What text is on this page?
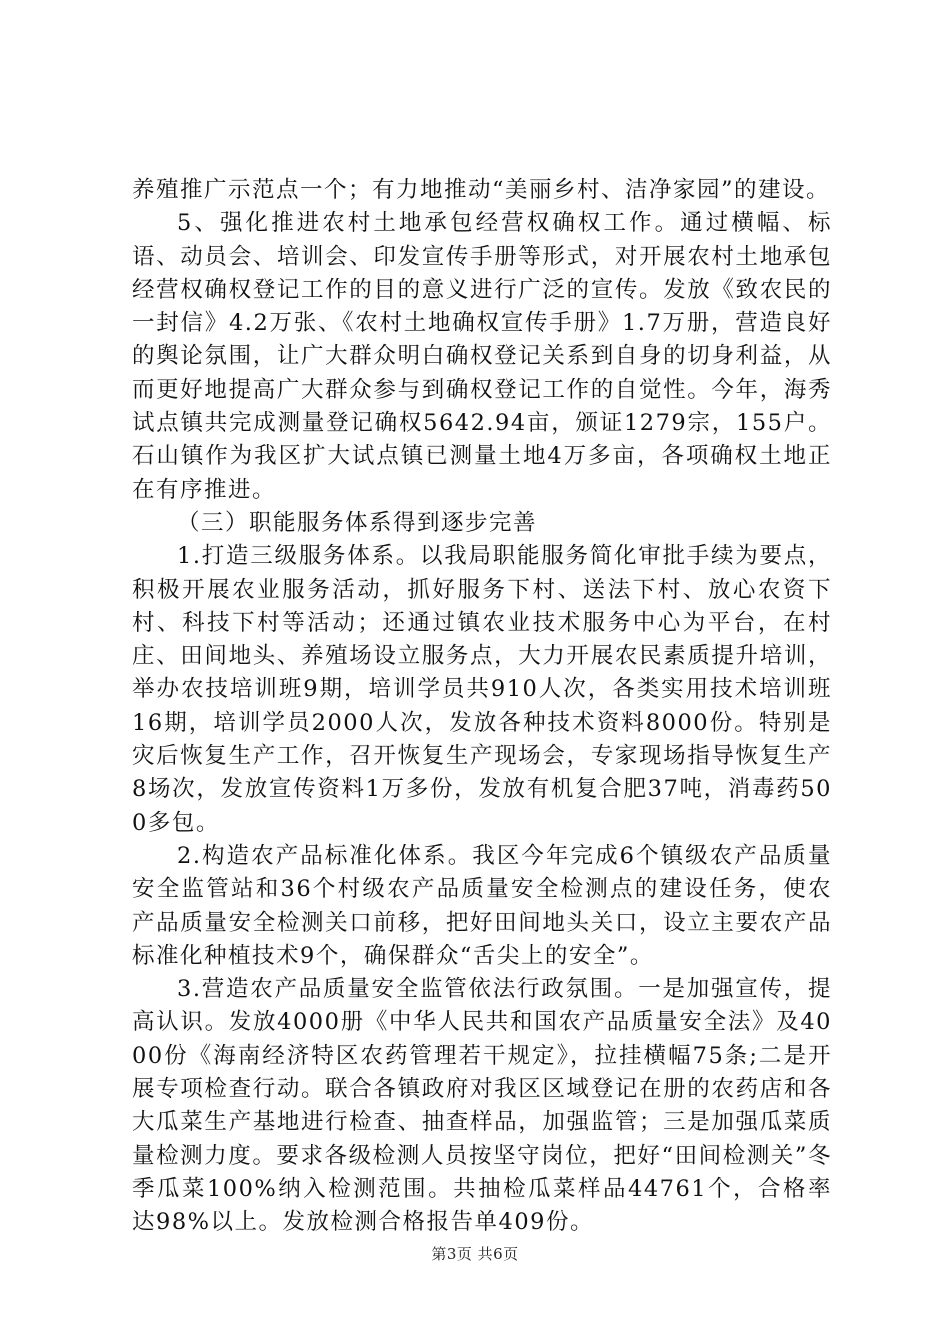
养殖推广示范点一个；有力地推动“美丽乡村、洁净家园”的建设。

5、强化推进农村土地承包经营权确权工作。通过横幅、标语、动员会、培训会、印发宣传手册等形式，对开展农村土地承包经营权确权登记工作的目的意义进行广泛的宣传。发放《致农民的一封信》4.2万张、《农村土地确权宣传手册》1.7万册，营造良好的舆论氛围，让广大群众明白确权登记关系到自身的切身利益，从而更好地提高广大群众参与到确权登记工作的自觉性。今年，海秀试点镇共完成测量登记确权5642.94亩，颁证1279宗，155户。石山镇作为我区扩大试点镇已测量土地4万多亩，各项确权土地正在有序推进。

（三）职能服务体系得到逐步完善

1.打造三级服务体系。以我局职能服务简化审批手续为要点，积极开展农业服务活动，抓好服务下村、送法下村、放心农资下村、科技下村等活动；还通过镇农业技术服务中心为平台，在村庄、田间地头、养殖场设立服务点，大力开展农民素质提升培训，举办农技培训班9期，培训学员共910人次，各类实用技术培训班16期，培训学员2000人次，发放各种技术资料8000份。特别是灾后恢复生产工作，召开恢复生产现场会，专家现场指导恢复生产8场次，发放宣传资料1万多份，发放有机复合肥37吨，消毒药500多包。

2.构造农产品标准化体系。我区今年完成6个镇级农产品质量安全监管站和36个村级农产品质量安全检测点的建设任务，使农产品质量安全检测关口前移，把好田间地头关口，设立主要农产品标准化种植技术9个，确保群众“舌尖上的安全”。

3.营造农产品质量安全监管依法行政氛围。一是加强宣传，提高认识。发放4000册《中华人民共和国农产品质量安全法》及4000份《海南经济特区农药管理若干规定》，拉挂横幅75条;二是开展专项检查行动。联合各镇政府对我区区域登记在册的农药店和各大瓜菜生产基地进行检查、抽查样品，加强监管；三是加强瓜菜质量检测力度。要求各级检测人员按坚守岗位，把好“田间检测关”冬季瓜菜100%纳入检测范围。共抽检瓜菜样品44761个，合格率达98%以上。发放检测合格报告单409份。

第3页 共6页
